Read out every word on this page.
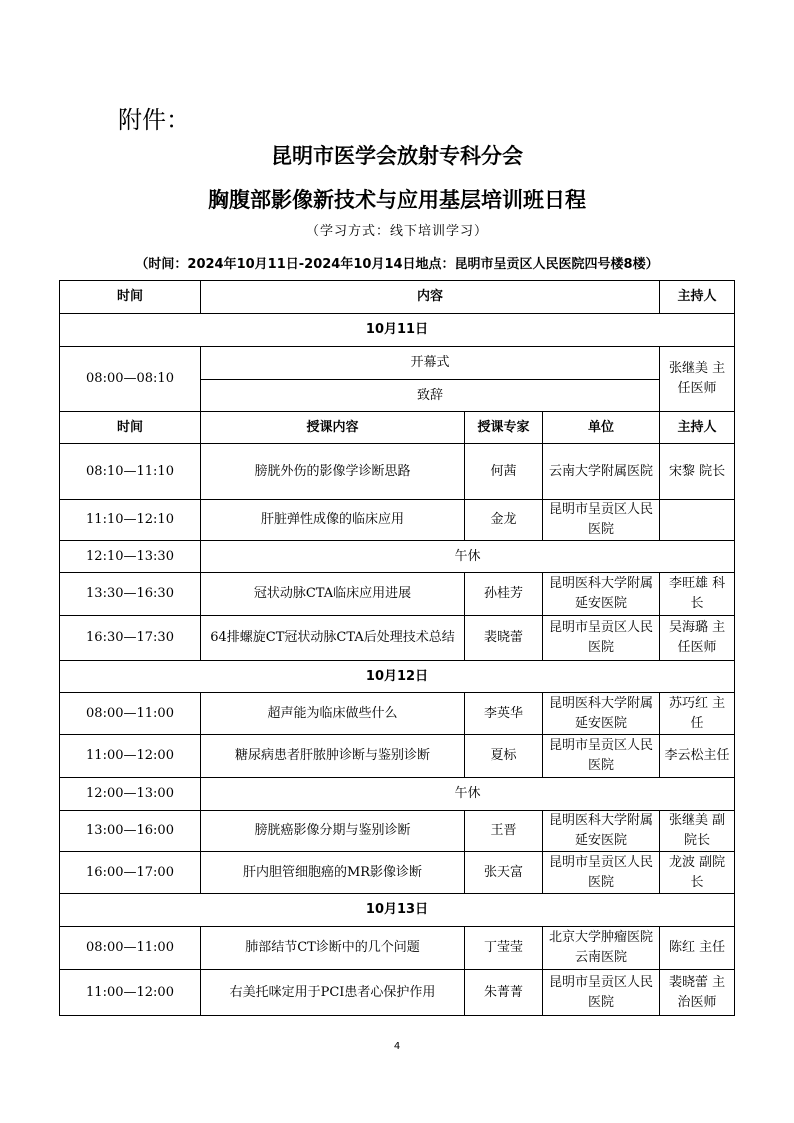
附件：
昆明市医学会放射专科分会
胸腹部影像新技术与应用基层培训班日程
（学习方式：线下培训学习）
（时间：2024年10月11日-2024年10月14日地点：昆明市呈贡区人民医院四号楼8楼）
时间	内容			主持人
10月11日				
08:00—08:10	开幕式			张继美 主任医师
	致辞			
时间	授课内容	授课专家	单位	主持人
08:10—11:10	膀胱外伤的影像学诊断思路	何茜	云南大学附属医院	宋黎 院长
11:10—12:10	肝脏弹性成像的临床应用	金龙	昆明市呈贡区人民医院	
12:10—13:30	午休			
13:30—16:30	冠状动脉CTA临床应用进展	孙桂芳	昆明医科大学附属延安医院	李旺雄 科长
16:30—17:30	64排螺旋CT冠状动脉CTA后处理技术总结	裴晓蕾	昆明市呈贡区人民医院	吴海璐 主任医师
10月12日				
08:00—11:00	超声能为临床做些什么	李英华	昆明医科大学附属延安医院	苏巧红 主任
11:00—12:00	糖尿病患者肝脓肿诊断与鉴别诊断	夏标	昆明市呈贡区人民医院	李云松主任
12:00—13:00	午休			
13:00—16:00	膀胱癌影像分期与鉴别诊断	王晋	昆明医科大学附属延安医院	张继美 副院长
16:00—17:00	肝内胆管细胞癌的MR影像诊断	张天富	昆明市呈贡区人民医院	龙波 副院长
10月13日				
08:00—11:00	肺部结节CT诊断中的几个问题	丁莹莹	北京大学肿瘤医院云南医院	陈红 主任
11:00—12:00	右美托咪定用于PCI患者心保护作用	朱菁菁	昆明市呈贡区人民医院	裴晓蕾 主治医师
4
